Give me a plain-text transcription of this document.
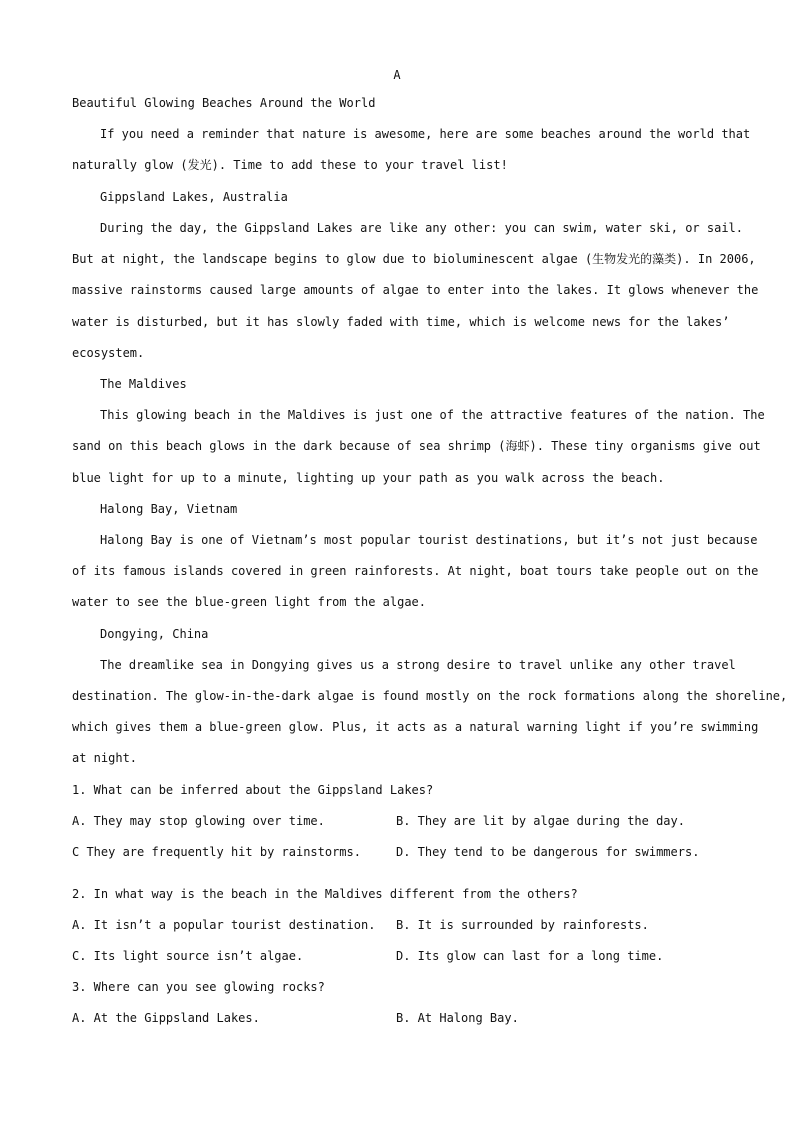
A
Beautiful Glowing Beaches Around the World
If you need a reminder that nature is awesome, here are some beaches around the world that
naturally glow (发光). Time to add these to your travel list!
Gippsland Lakes, Australia
During the day, the Gippsland Lakes are like any other: you can swim, water ski, or sail.
But at night, the landscape begins to glow due to bioluminescent algae (生物发光的藻类). In 2006,
massive rainstorms caused large amounts of algae to enter into the lakes. It glows whenever the
water is disturbed, but it has slowly faded with time, which is welcome news for the lakes’
ecosystem.
The Maldives
This glowing beach in the Maldives is just one of the attractive features of the nation. The
sand on this beach glows in the dark because of sea shrimp (海虾). These tiny organisms give out
blue light for up to a minute, lighting up your path as you walk across the beach.
Halong Bay, Vietnam
Halong Bay is one of Vietnam’s most popular tourist destinations, but it’s not just because
of its famous islands covered in green rainforests. At night, boat tours take people out on the
water to see the blue-green light from the algae.
Dongying, China
The dreamlike sea in Dongying gives us a strong desire to travel unlike any other travel
destination. The glow-in-the-dark algae is found mostly on the rock formations along the shoreline,
which gives them a blue-green glow. Plus, it acts as a natural warning light if you’re swimming
at night.
1. What can be inferred about the Gippsland Lakes?
A. They may stop glowing over time.	B. They are lit by algae during the day.
C They are frequently hit by rainstorms.	D. They tend to be dangerous for swimmers.
2. In what way is the beach in the Maldives different from the others?
A. It isn’t a popular tourist destination. B. It is surrounded by rainforests.
C. Its light source isn’t algae.	D. Its glow can last for a long time.
3. Where can you see glowing rocks?
A. At the Gippsland Lakes.	B. At Halong Bay.
